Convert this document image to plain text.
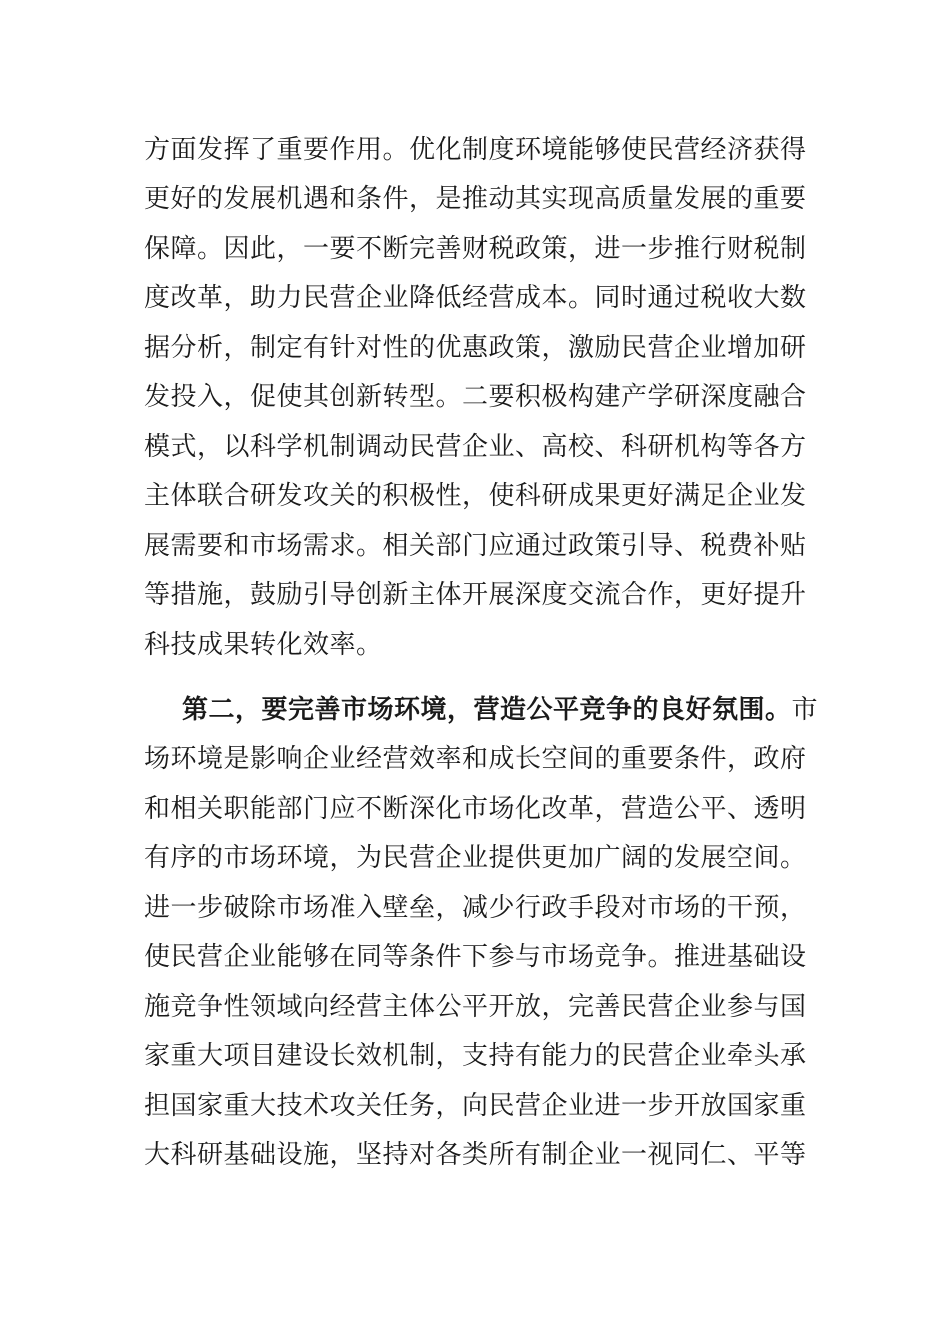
方面发挥了重要作用。优化制度环境能够使民营经济获得
更好的发展机遇和条件，是推动其实现高质量发展的重要
保障。因此，一要不断完善财税政策，进一步推行财税制
度改革，助力民营企业降低经营成本。同时通过税收大数
据分析，制定有针对性的优惠政策，激励民营企业增加研
发投入，促使其创新转型。二要积极构建产学研深度融合
模式，以科学机制调动民营企业、高校、科研机构等各方
主体联合研发攻关的积极性，使科研成果更好满足企业发
展需要和市场需求。相关部门应通过政策引导、税费补贴
等措施，鼓励引导创新主体开展深度交流合作，更好提升
科技成果转化效率。
第二，要完善市场环境，营造公平竞争的良好氛围。市
场环境是影响企业经营效率和成长空间的重要条件，政府
和相关职能部门应不断深化市场化改革，营造公平、透明
有序的市场环境，为民营企业提供更加广阔的发展空间。
进一步破除市场准入壁垒，减少行政手段对市场的干预，
使民营企业能够在同等条件下参与市场竞争。推进基础设
施竞争性领域向经营主体公平开放，完善民营企业参与国
家重大项目建设长效机制，支持有能力的民营企业牵头承
担国家重大技术攻关任务，向民营企业进一步开放国家重
大科研基础设施，坚持对各类所有制企业一视同仁、平等
